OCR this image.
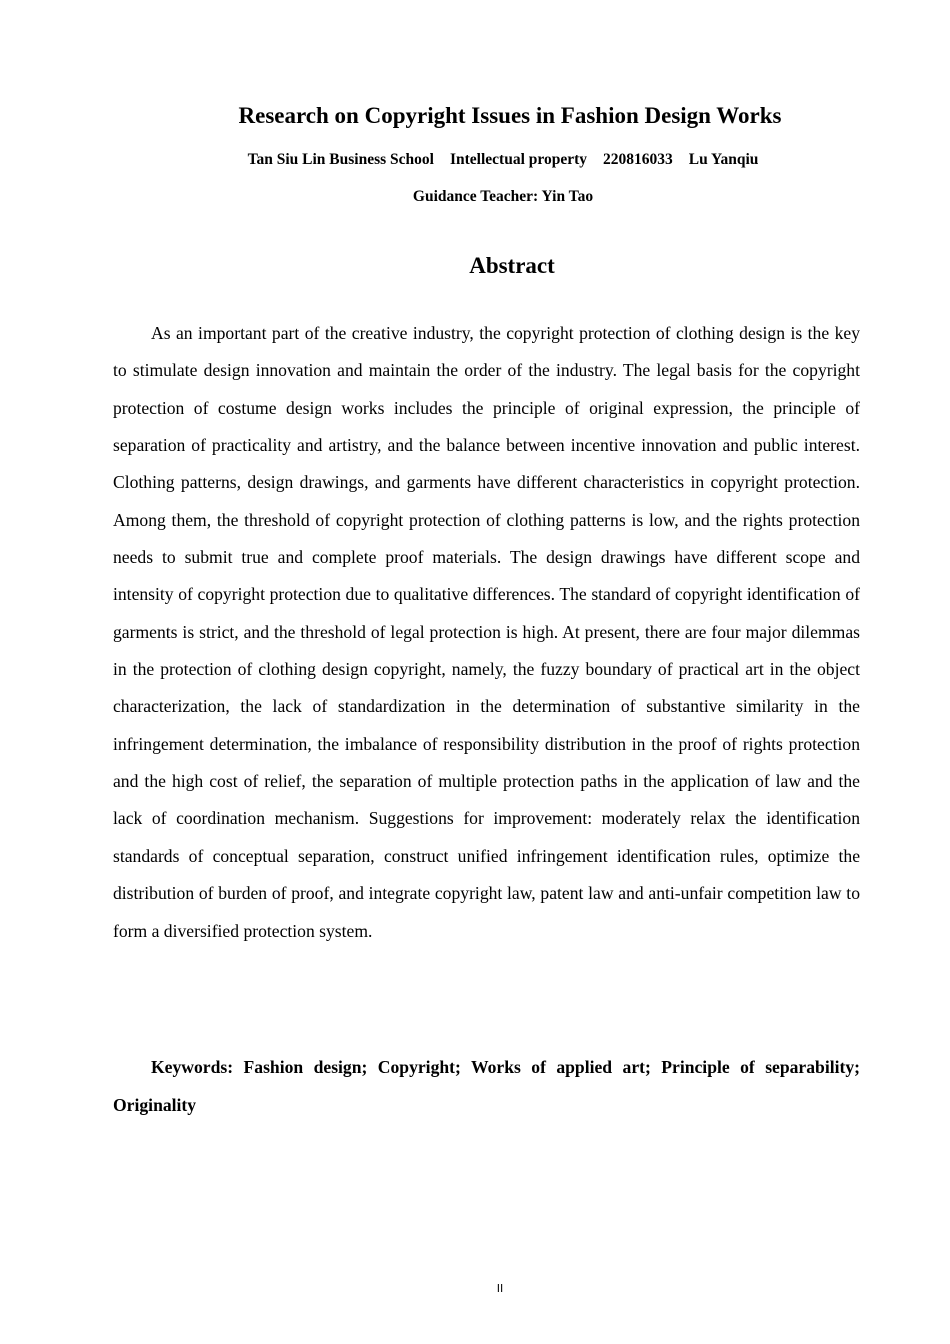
Research on Copyright Issues in Fashion Design Works
Tan Siu Lin Business School Intellectual property 220816033 Lu Yanqiu
Guidance Teacher: Yin Tao
Abstract

As an important part of the creative industry, the copyright protection of clothing design is the key to stimulate design innovation and maintain the order of the industry. The legal basis for the copyright protection of costume design works includes the principle of original expression, the principle of separation of practicality and artistry, and the balance between incentive innovation and public interest. Clothing patterns, design drawings, and garments have different characteristics in copyright protection. Among them, the threshold of copyright protection of clothing patterns is low, and the rights protection needs to submit true and complete proof materials. The design drawings have different scope and intensity of copyright protection due to qualitative differences. The standard of copyright identification of garments is strict, and the threshold of legal protection is high. At present, there are four major dilemmas in the protection of clothing design copyright, namely, the fuzzy boundary of practical art in the object characterization, the lack of standardization in the determination of substantive similarity in the infringement determination, the imbalance of responsibility distribution in the proof of rights protection and the high cost of relief, the separation of multiple protection paths in the application of law and the lack of coordination mechanism. Suggestions for improvement: moderately relax the identification standards of conceptual separation, construct unified infringement identification rules, optimize the distribution of burden of proof, and integrate copyright law, patent law and anti-unfair competition law to form a diversified protection system.

Keywords: Fashion design; Copyright; Works of applied art; Principle of separability; Originality

II
